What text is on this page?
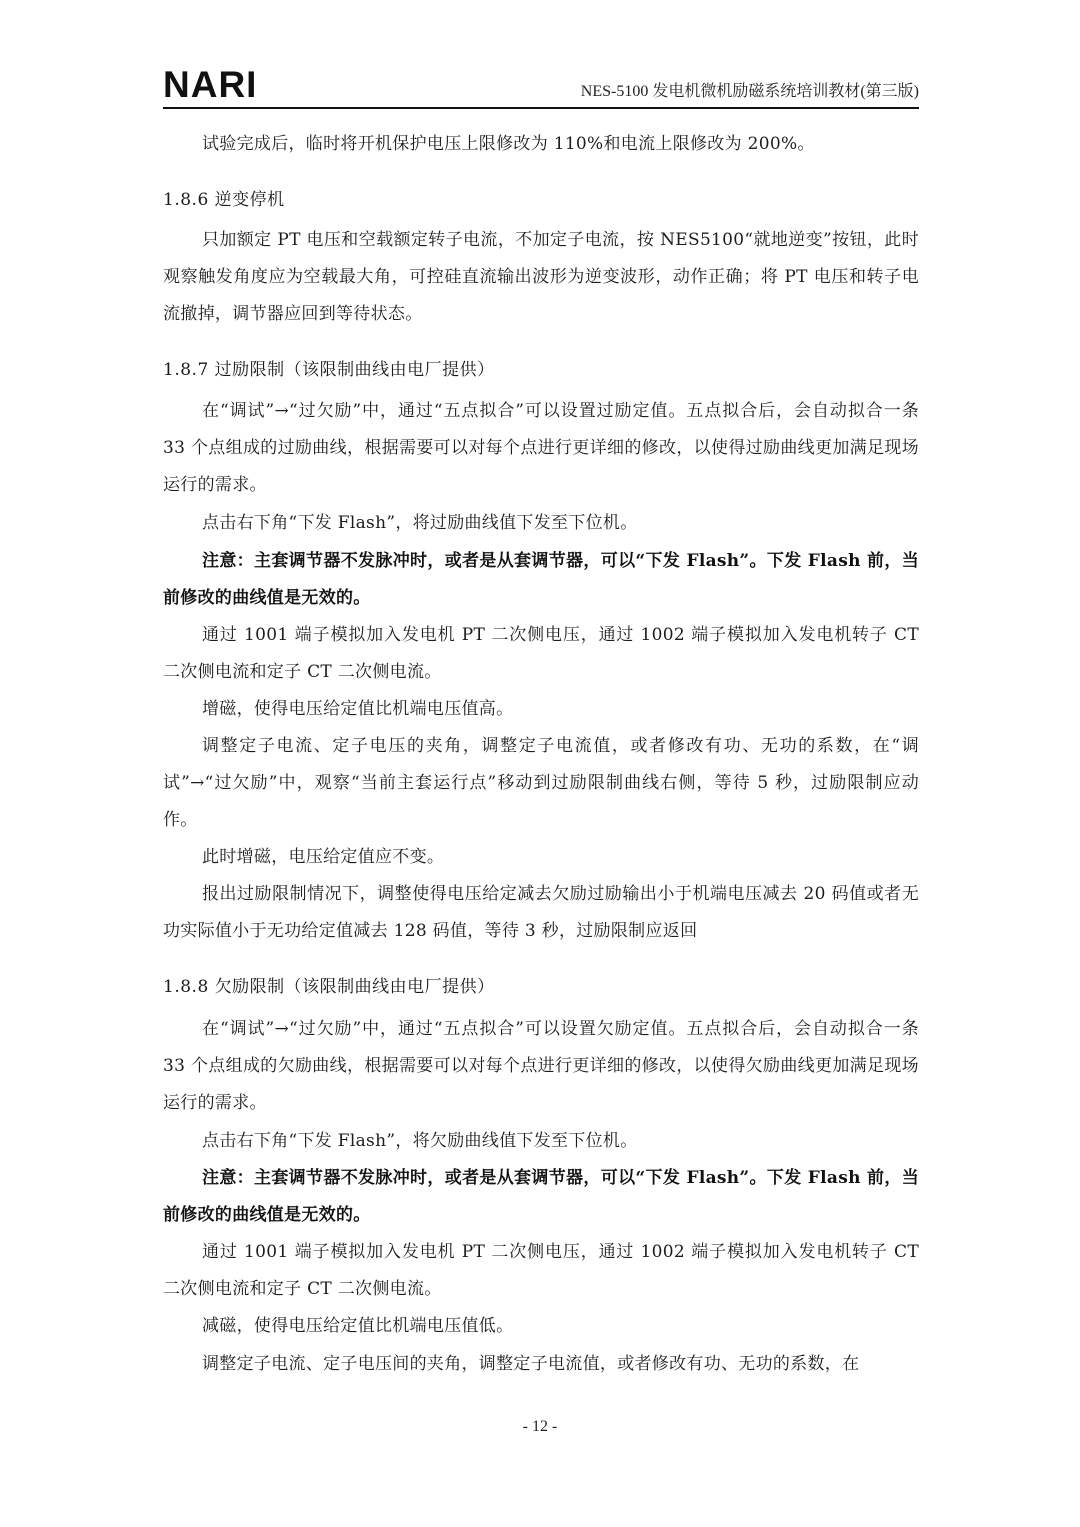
NARI	NES-5100 发电机微机励磁系统培训教材(第三版)
试验完成后，临时将开机保护电压上限修改为 110%和电流上限修改为 200%。
1.8.6 逆变停机
只加额定 PT 电压和空载额定转子电流，不加定子电流，按 NES5100“就地逆变”按钮，此时观察触发角度应为空载最大角，可控硅直流输出波形为逆变波形，动作正确；将 PT 电压和转子电流撤掉，调节器应回到等待状态。
1.8.7 过励限制（该限制曲线由电厂提供）
在“调试”→“过欠励”中，通过“五点拟合”可以设置过励定值。五点拟合后，会自动拟合一条 33 个点组成的过励曲线，根据需要可以对每个点进行更详细的修改，以使得过励曲线更加满足现场运行的需求。
点击右下角“下发 Flash”，将过励曲线值下发至下位机。
注意：主套调节器不发脉冲时，或者是从套调节器，可以“下发 Flash”。下发 Flash 前，当前修改的曲线值是无效的。
通过 1001 端子模拟加入发电机 PT 二次侧电压，通过 1002 端子模拟加入发电机转子 CT 二次侧电流和定子 CT 二次侧电流。
增磁，使得电压给定值比机端电压值高。
调整定子电流、定子电压的夹角，调整定子电流值，或者修改有功、无功的系数，在“调试”→“过欠励”中，观察“当前主套运行点”移动到过励限制曲线右侧，等待 5 秒，过励限制应动作。
此时增磁，电压给定值应不变。
报出过励限制情况下，调整使得电压给定减去欠励过励输出小于机端电压减去 20 码值或者无功实际值小于无功给定值减去 128 码值，等待 3 秒，过励限制应返回
1.8.8 欠励限制（该限制曲线由电厂提供）
在“调试”→“过欠励”中，通过“五点拟合”可以设置欠励定值。五点拟合后，会自动拟合一条 33 个点组成的欠励曲线，根据需要可以对每个点进行更详细的修改，以使得欠励曲线更加满足现场运行的需求。
点击右下角“下发 Flash”，将欠励曲线值下发至下位机。
注意：主套调节器不发脉冲时，或者是从套调节器，可以“下发 Flash”。下发 Flash 前，当前修改的曲线值是无效的。
通过 1001 端子模拟加入发电机 PT 二次侧电压，通过 1002 端子模拟加入发电机转子 CT 二次侧电流和定子 CT 二次侧电流。
减磁，使得电压给定值比机端电压值低。
调整定子电流、定子电压间的夹角，调整定子电流值，或者修改有功、无功的系数，在
- 12 -
